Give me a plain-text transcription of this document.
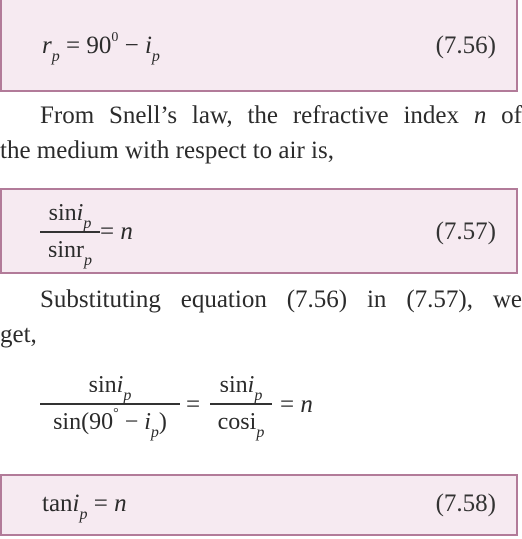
$r_p = 90^0 - i_p$	(7.56)
From Snell’s law, the refractive index n of
the medium with respect to air is,
sini$_p$
sinr$_p$
= n	(7.57)
Substituting equation (7.56) in (7.57), we
get,
sini$_p$
$\sin(90^\circ - i_p)$
=
sini$_p$
cosi$_p$
= n
tani$_p$ = n	(7.58)
